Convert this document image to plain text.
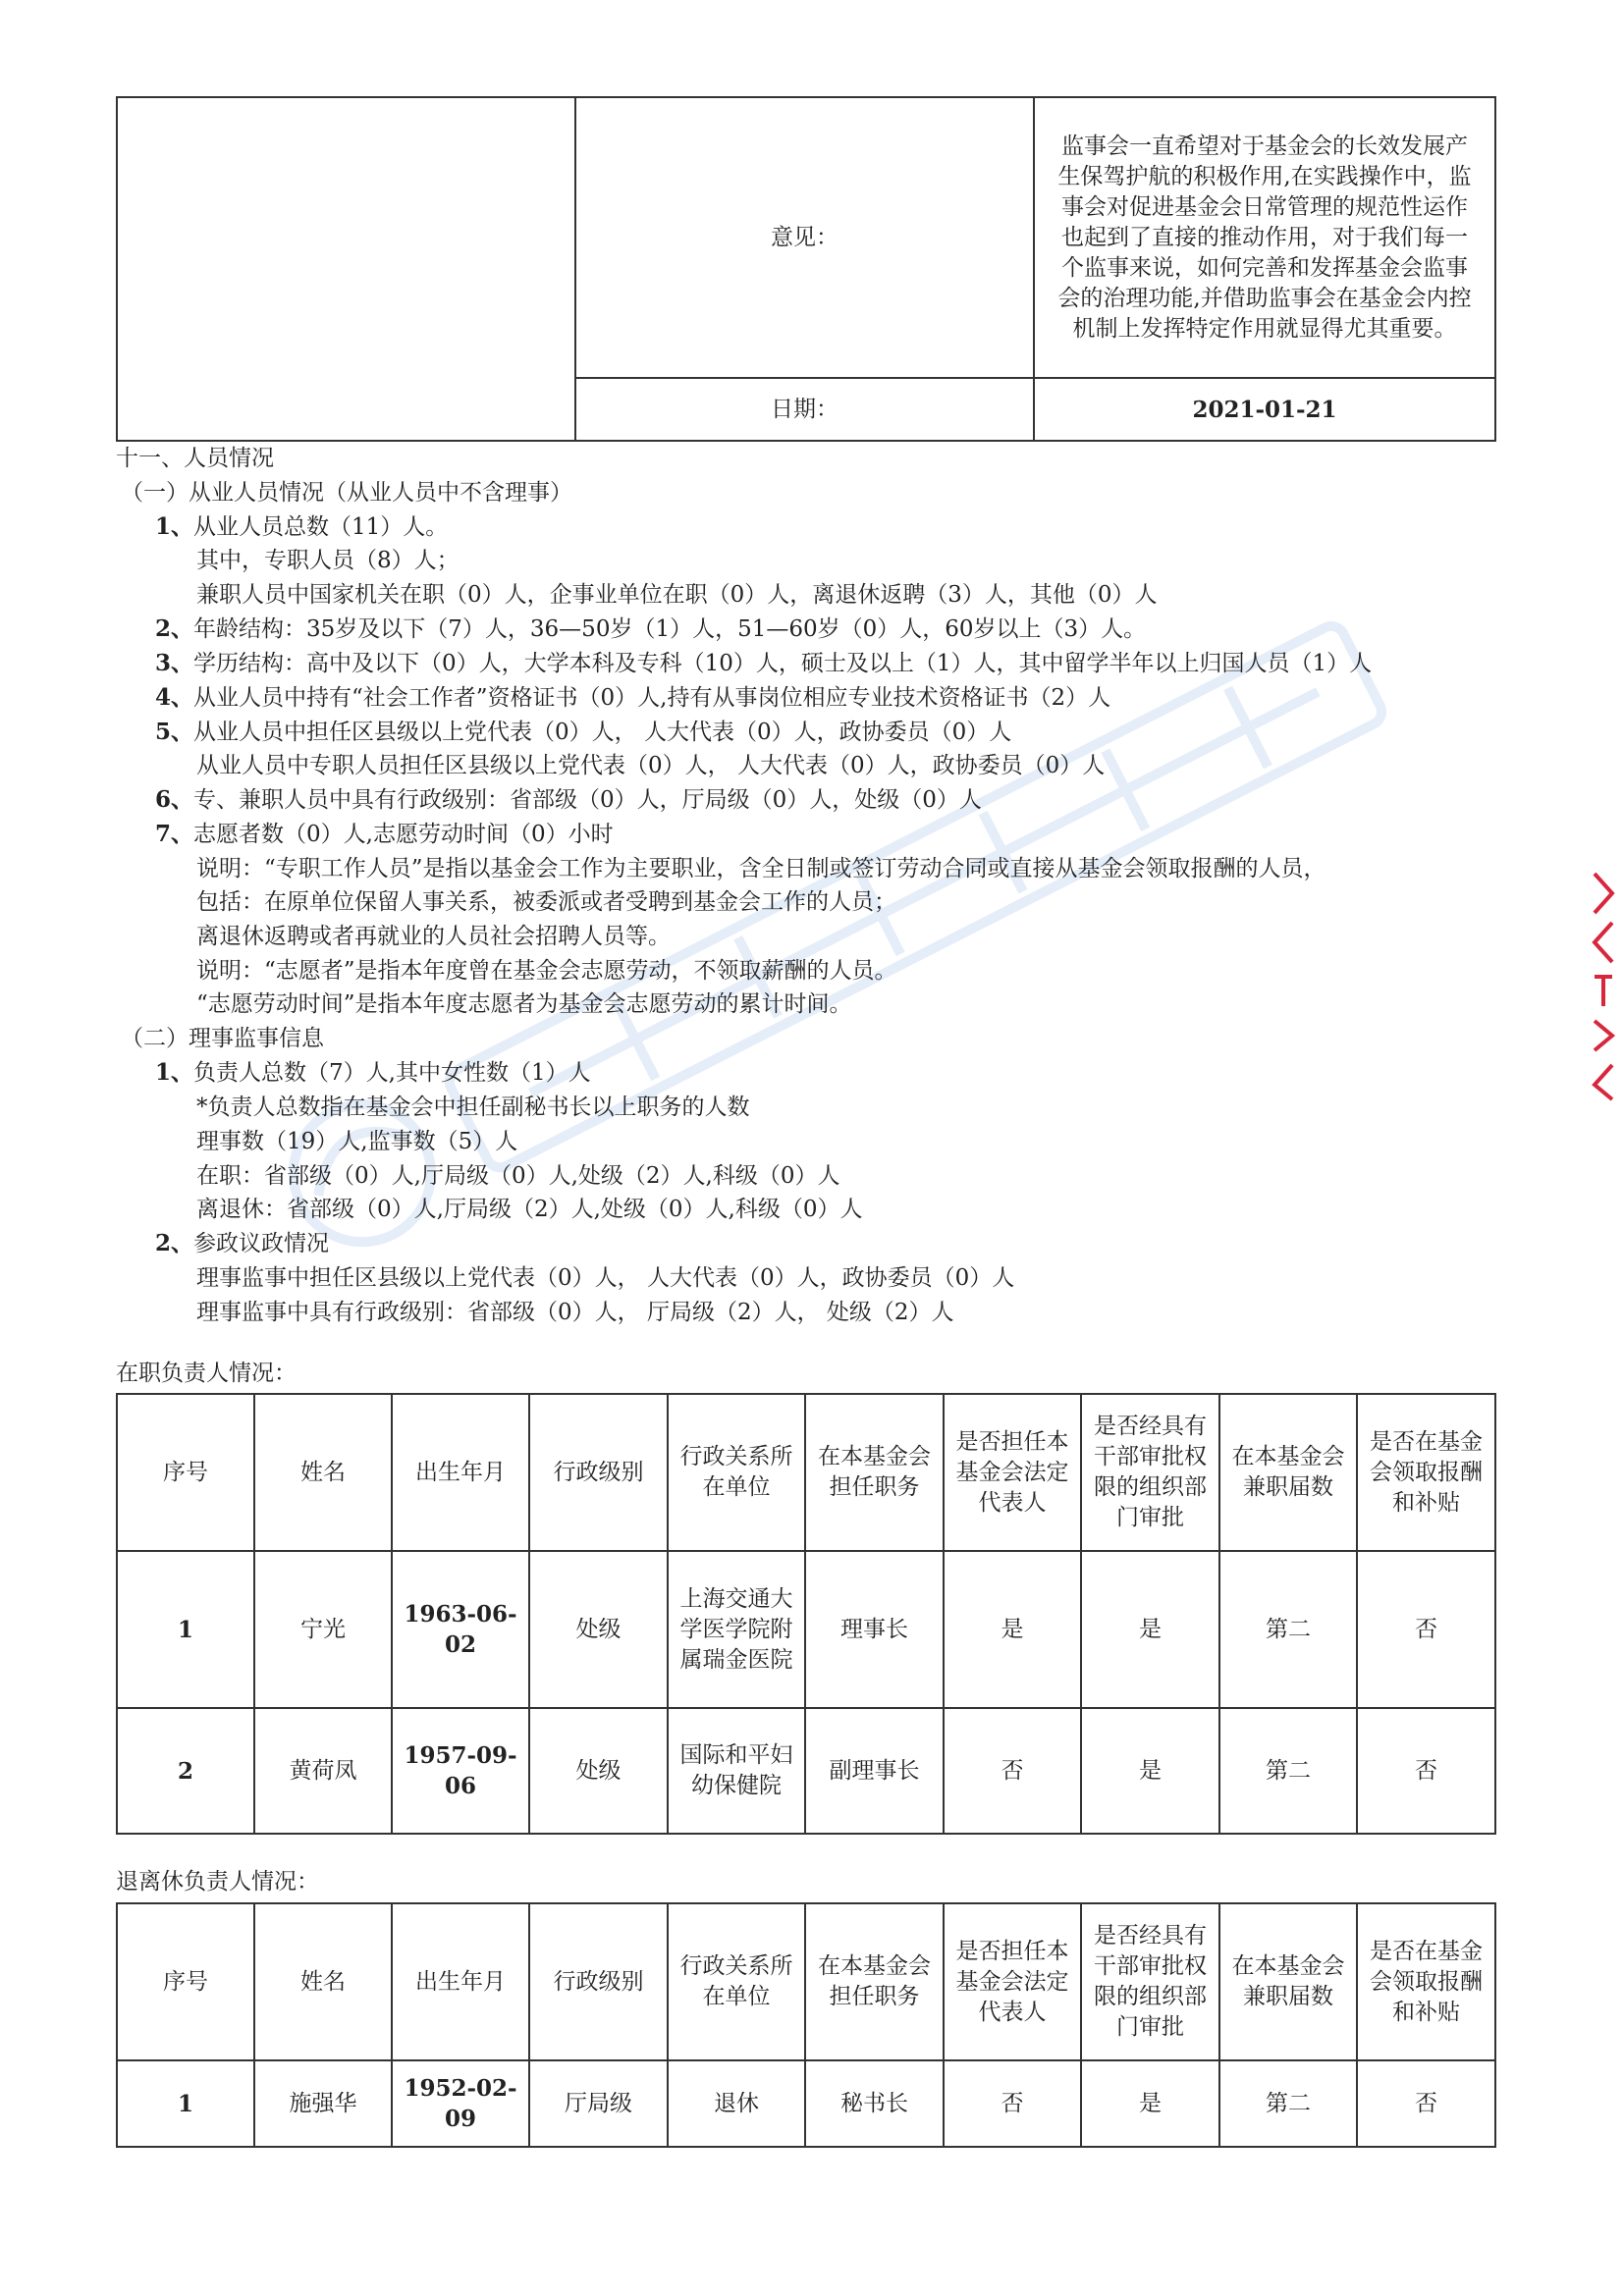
	意见：	监事会一直希望对于基金会的长效发展产生保驾护航的积极作用,在实践操作中，监事会对促进基金会日常管理的规范性运作也起到了直接的推动作用，对于我们每一个监事来说，如何完善和发挥基金会监事会的治理功能,并借助监事会在基金会内控机制上发挥特定作用就显得尤其重要。
	日期：	2021-01-21
十一、人员情况
（一）从业人员情况（从业人员中不含理事）
1、从业人员总数（11）人。
其中，专职人员（8）人；
兼职人员中国家机关在职（0）人，企事业单位在职（0）人，离退休返聘（3）人，其他（0）人
2、年龄结构：35岁及以下（7）人，36—50岁（1）人，51—60岁（0）人，60岁以上（3）人。
3、学历结构：高中及以下（0）人，大学本科及专科（10）人，硕士及以上（1）人，其中留学半年以上归国人员（1）人
4、从业人员中持有“社会工作者”资格证书（0）人,持有从事岗位相应专业技术资格证书（2）人
5、从业人员中担任区县级以上党代表（0）人， 人大代表（0）人，政协委员（0）人
从业人员中专职人员担任区县级以上党代表（0）人， 人大代表（0）人，政协委员（0）人
6、专、兼职人员中具有行政级别：省部级（0）人，厅局级（0）人，处级（0）人
7、志愿者数（0）人,志愿劳动时间（0）小时
说明：“专职工作人员”是指以基金会工作为主要职业，含全日制或签订劳动合同或直接从基金会领取报酬的人员，
包括：在原单位保留人事关系，被委派或者受聘到基金会工作的人员；
离退休返聘或者再就业的人员社会招聘人员等。
说明：“志愿者”是指本年度曾在基金会志愿劳动，不领取薪酬的人员。
“志愿劳动时间”是指本年度志愿者为基金会志愿劳动的累计时间。
（二）理事监事信息
1、负责人总数（7）人,其中女性数（1）人
*负责人总数指在基金会中担任副秘书长以上职务的人数
理事数（19）人,监事数（5）人
在职：省部级（0）人,厅局级（0）人,处级（2）人,科级（0）人
离退休：省部级（0）人,厅局级（2）人,处级（0）人,科级（0）人
2、参政议政情况
理事监事中担任区县级以上党代表（0）人， 人大代表（0）人，政协委员（0）人
理事监事中具有行政级别：省部级（0）人， 厅局级（2）人， 处级（2）人
在职负责人情况：
序号	姓名	出生年月	行政级别	行政关系所在单位	在本基金会担任职务	是否担任本基金会法定代表人	是否经具有干部审批权限的组织部门审批	在本基金会兼职届数	是否在基金会领取报酬和补贴
1	宁光	1963-06-02	处级	上海交通大学医学院附属瑞金医院	理事长	是	是	第二	否
2	黄荷凤	1957-09-06	处级	国际和平妇幼保健院	副理事长	否	是	第二	否
退离休负责人情况：
序号	姓名	出生年月	行政级别	行政关系所在单位	在本基金会担任职务	是否担任本基金会法定代表人	是否经具有干部审批权限的组织部门审批	在本基金会兼职届数	是否在基金会领取报酬和补贴
1	施强华	1952-02-09	厅局级	退休	秘书长	否	是	第二	否
